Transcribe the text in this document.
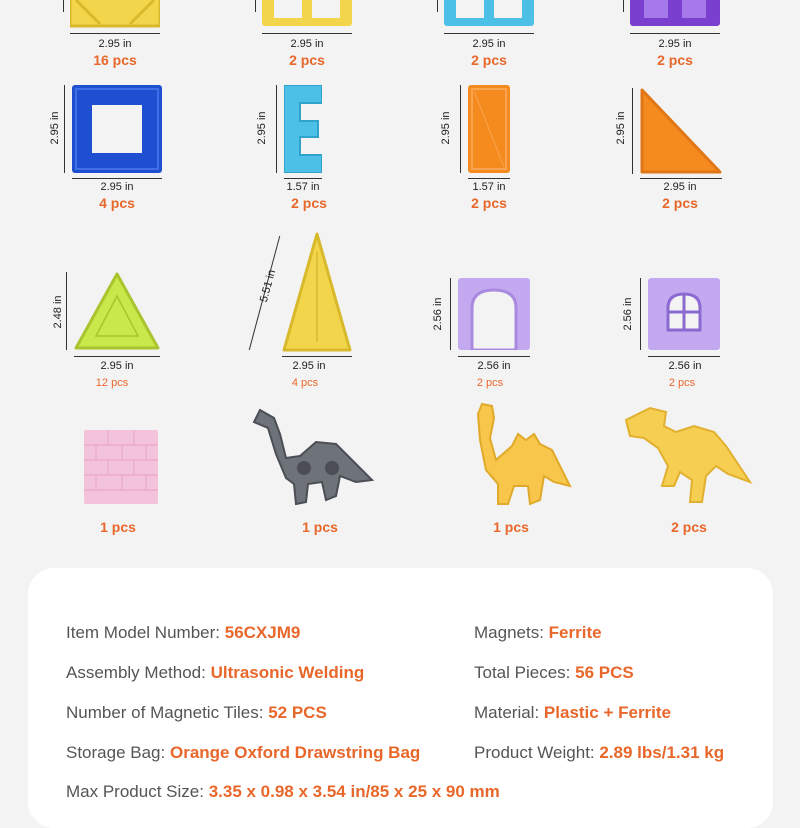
2.95 in
16 pcs
2.95 in
2 pcs
2.95 in
2 pcs
2.95 in
2 pcs
2.95 in
2.95 in
4 pcs
2.95 in
1.57 in
2 pcs
2.95 in
1.57 in
2 pcs
2.95 in
2.95 in
2 pcs
2.48 in
2.95 in
12 pcs
5.51 in
2.95 in
4 pcs
2.56 in
2.56 in
2 pcs
2.56 in
2.56 in
2 pcs
1 pcs	1 pcs	1 pcs	2 pcs
Item Model Number: 56CXJM9	Magnets: Ferrite
Assembly Method: Ultrasonic Welding	Total Pieces: 56 PCS
Number of Magnetic Tiles: 52 PCS	Material: Plastic + Ferrite
Storage Bag: Orange Oxford Drawstring Bag	Product Weight: 2.89 lbs/1.31 kg
Max Product Size: 3.35 x 0.98 x 3.54 in/85 x 25 x 90 mm
